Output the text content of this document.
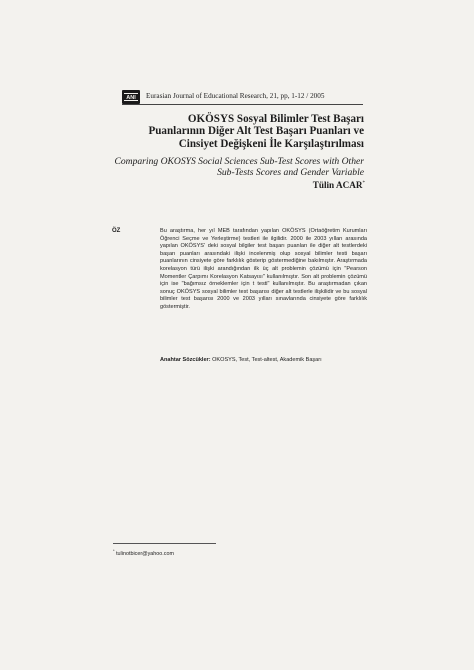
ANI Eurasian Journal of Educational Research, 21, pp, 1-12 / 2005
OKÖSYS Sosyal Bilimler Test Başarı
Puanlarının Diğer Alt Test Başarı Puanları ve
Cinsiyet Değişkeni İle Karşılaştırılması
Comparing OKOSYS Social Sciences Sub-Test Scores with Other
Sub-Tests Scores and Gender Variable
Tülin ACAR*
ÖZ	Bu araştırma, her yıl MEB tarafından yapılan OKÖSYS (Ortaöğretim Kurumları Öğrenci Seçme ve Yerleştirme) testleri ile ilgilidir. 2000 ile 2003 yılları arasında yapılan OKÖSYS' deki sosyal bilgiler test başarı puanları ile diğer alt testlerdeki başarı puanları arasındaki ilişki incelenmiş olup sosyal bilimler testi başarı puanlarının cinsiyete göre farklılık gösterip göstermediğine bakılmıştır. Araştırmada korelasyon türü ilişki arandığından ilk üç alt problemin çözümü için "Pearson Momentler Çarpımı Korelasyon Katsayısı" kullanılmıştır. Son alt problemin çözümü için ise "bağımsız örneklemler için t testi" kullanılmıştır. Bu araştırmadan çıkan sonuç OKÖSYS sosyal bilimler test başarısı diğer alt testlerle ilişkilidir ve bu sosyal bilimler test başarısı 2000 ve 2003 yılları sınavlarında cinsiyete göre farklılık göstermiştir.

Anahtar Sözcükler: OKOSYS, Test, Test-altest, Akademik Başarı
* tulinotbicer@yahoo.com
